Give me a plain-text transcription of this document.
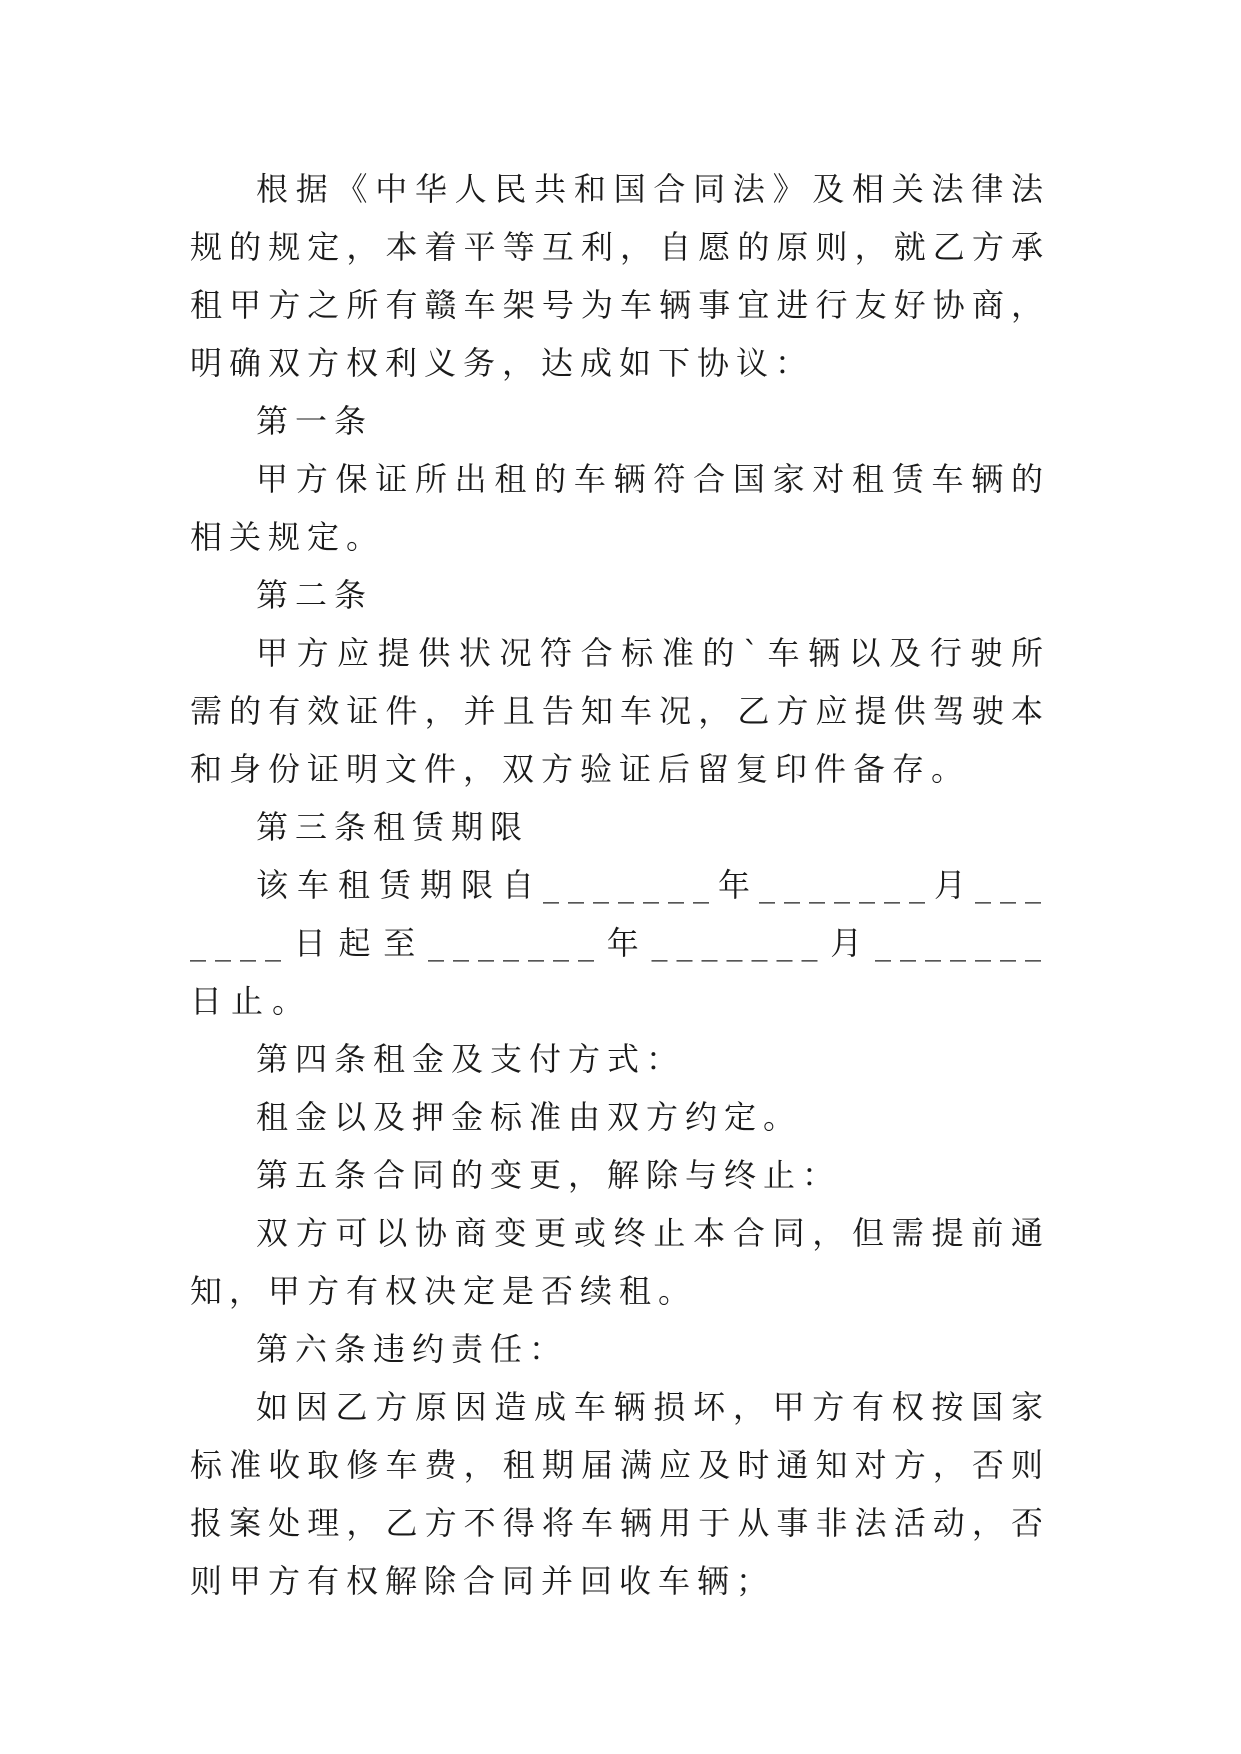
根据《中华人民共和国合同法》及相关法律法规的规定，本着平等互利，自愿的原则，就乙方承租甲方之所有赣车架号为车辆事宜进行友好协商，明确双方权利义务，达成如下协议：

第一条

甲方保证所出租的车辆符合国家对租赁车辆的相关规定。

第二条

甲方应提供状况符合标准的`车辆以及行驶所需的有效证件，并且告知车况，乙方应提供驾驶本和身份证明文件，双方验证后留复印件备存。

第三条租赁期限

该车租赁期限自_______年_______月_______日起至_______年_______月_______日止。

第四条租金及支付方式：

租金以及押金标准由双方约定。

第五条合同的变更，解除与终止：

双方可以协商变更或终止本合同，但需提前通知，甲方有权决定是否续租。

第六条违约责任：

如因乙方原因造成车辆损坏，甲方有权按国家标准收取修车费，租期届满应及时通知对方，否则报案处理，乙方不得将车辆用于从事非法活动，否则甲方有权解除合同并回收车辆；
